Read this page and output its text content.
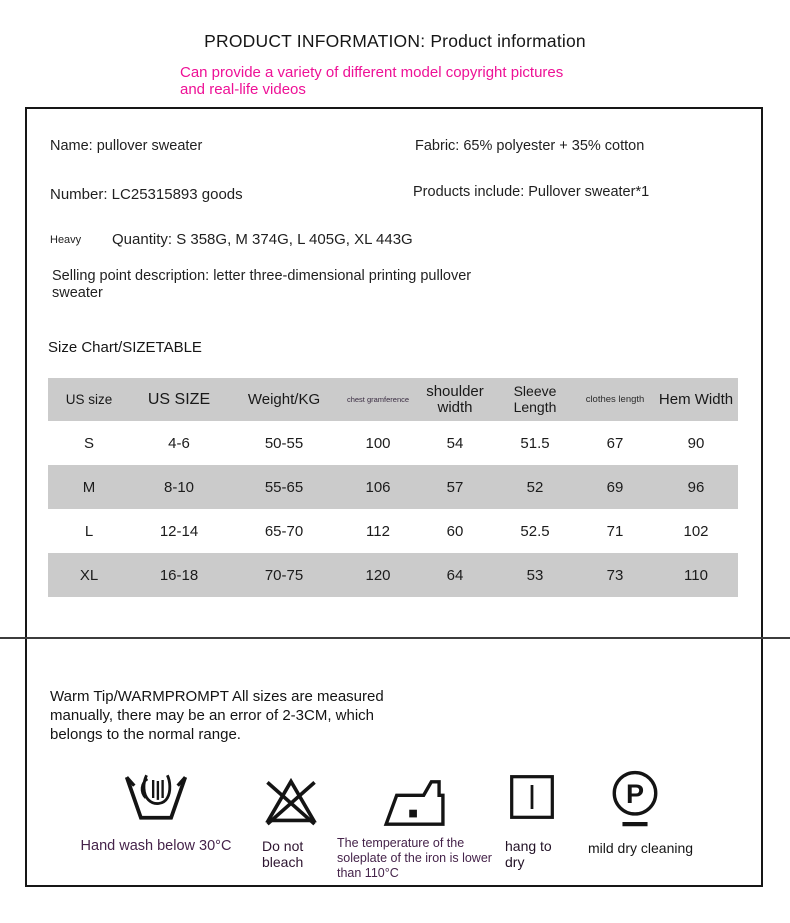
PRODUCT INFORMATION: Product information
Can provide a variety of different model copyright pictures and real-life videos
Name: pullover sweater	Fabric: 65% polyester + 35% cotton
Number: LC25315893 goods	Products include: Pullover sweater*1
Heavy Quantity: S 358G, M 374G, L 405G, XL 443G
Selling point description: letter three-dimensional printing pullover sweater
Size Chart/SIZETABLE
US size	US SIZE	Weight/KG	chest gramference	shoulder width	Sleeve Length	clothes length	Hem Width
S	4-6	50-55	100	54	51.5	67	90
M	8-10	55-65	106	57	52	69	96
L	12-14	65-70	112	60	52.5	71	102
XL	16-18	70-75	120	64	53	73	110
Warm Tip/WARMPROMPT All sizes are measured manually, there may be an error of 2-3CM, which belongs to the normal range.
Hand wash below 30°C	Do not bleach
The temperature of the soleplate of the iron is lower than 110°C
hang to dry
P
mild dry cleaning
